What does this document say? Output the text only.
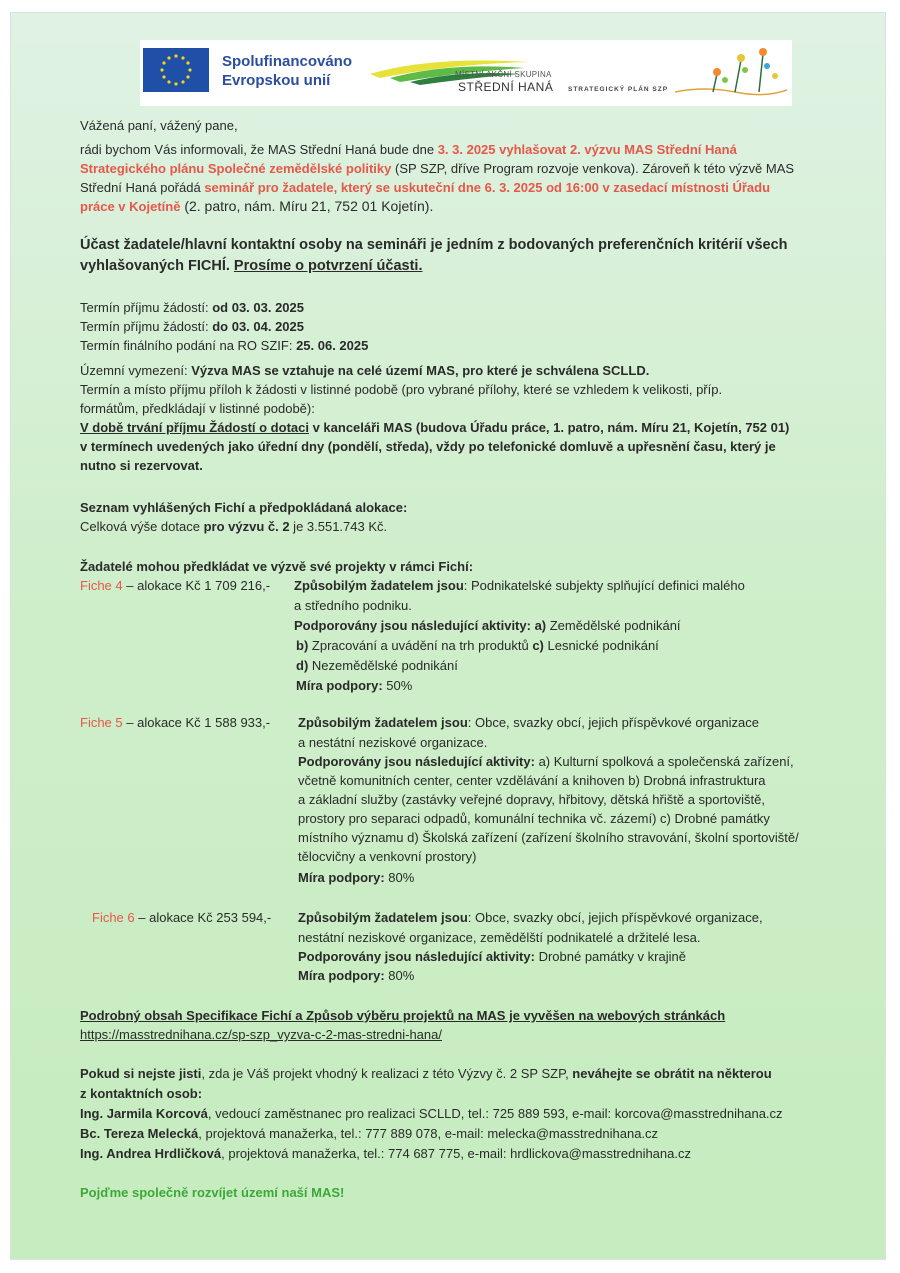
Spolufinancováno
Evropskou unií	MÍSTNÍ AKČNÍ SKUPINA
STŘEDNÍ HANÁ STRATEGICKÝ PLÁN SZP
Vážená paní, vážený pane,
rádi bychom Vás informovali, že MAS Střední Haná bude dne 3. 3. 2025 vyhlašovat 2. výzvu MAS Střední Haná
Strategického plánu Společné zemědělské politiky (SP SZP, dříve Program rozvoje venkova). Zároveň k této výzvě MAS
Střední Haná pořádá seminář pro žadatele, který se uskuteční dne 6. 3. 2025 od 16:00 v zasedací místnosti Úřadu
práce v Kojetíně (2. patro, nám. Míru 21, 752 01 Kojetín).
Účast žadatele/hlavní kontaktní osoby na semináři je jedním z bodovaných preferenčních kritérií všech
vyhlašovaných FICHÍ. Prosíme o potvrzení účasti.
Termín příjmu žádostí: od 03. 03. 2025
Termín příjmu žádostí: do 03. 04. 2025
Termín finálního podání na RO SZIF: 25. 06. 2025
Územní vymezení: Výzva MAS se vztahuje na celé území MAS, pro které je schválena SCLLD.
Termín a místo příjmu příloh k žádosti v listinné podobě (pro vybrané přílohy, které se vzhledem k velikosti, příp.
formátům, předkládají v listinné podobě):
V době trvání příjmu Žádostí o dotaci v kanceláři MAS (budova Úřadu práce, 1. patro, nám. Míru 21, Kojetín, 752 01)
v termínech uvedených jako úřední dny (pondělí, středa), vždy po telefonické domluvě a upřesnění času, který je
nutno si rezervovat.
Seznam vyhlášených Fichí a předpokládaná alokace:
Celková výše dotace pro výzvu č. 2 je 3.551.743 Kč.
Žadatelé mohou předkládat ve výzvě své projekty v rámci Fichí:
Fiche 4 – alokace Kč 1 709 216,- Způsobilým žadatelem jsou: Podnikatelské subjekty splňující definici malého
a středního podniku.
Podporovány jsou následující aktivity: a) Zemědělské podnikání
b) Zpracování a uvádění na trh produktů c) Lesnické podnikání
d) Nezemědělské podnikání
Míra podpory: 50%
Fiche 5 – alokace Kč 1 588 933,- Způsobilým žadatelem jsou: Obce, svazky obcí, jejich příspěvkové organizace
a nestátní neziskové organizace.
Podporovány jsou následující aktivity: a) Kulturní spolková a společenská zařízení,
včetně komunitních center, center vzdělávání a knihoven b) Drobná infrastruktura
a základní služby (zastávky veřejné dopravy, hřbitovy, dětská hřiště a sportoviště,
prostory pro separaci odpadů, komunální technika vč. zázemí) c) Drobné památky
místního významu d) Školská zařízení (zařízení školního stravování, školní sportoviště/
tělocvičny a venkovní prostory)
Míra podpory: 80%
Fiche 6 – alokace Kč 253 594,- Způsobilým žadatelem jsou: Obce, svazky obcí, jejich příspěvkové organizace,
nestátní neziskové organizace, zemědělští podnikatelé a držitelé lesa.
Podporovány jsou následující aktivity: Drobné památky v krajině
Míra podpory: 80%
Podrobný obsah Specifikace Fichí a Způsob výběru projektů na MAS je vyvěšen na webových stránkách
https://masstrednihana.cz/sp-szp_vyzva-c-2-mas-stredni-hana/
Pokud si nejste jisti, zda je Váš projekt vhodný k realizaci z této Výzvy č. 2 SP SZP, neváhejte se obrátit na některou
z kontaktních osob:
Ing. Jarmila Korcová, vedoucí zaměstnanec pro realizaci SCLLD, tel.: 725 889 593, e-mail: korcova@masstrednihana.cz
Bc. Tereza Melecká, projektová manažerka, tel.: 777 889 078, e-mail: melecka@masstrednihana.cz
Ing. Andrea Hrdličková, projektová manažerka, tel.: 774 687 775, e-mail: hrdlickova@masstrednihana.cz
Pojďme společně rozvíjet území naší MAS!
